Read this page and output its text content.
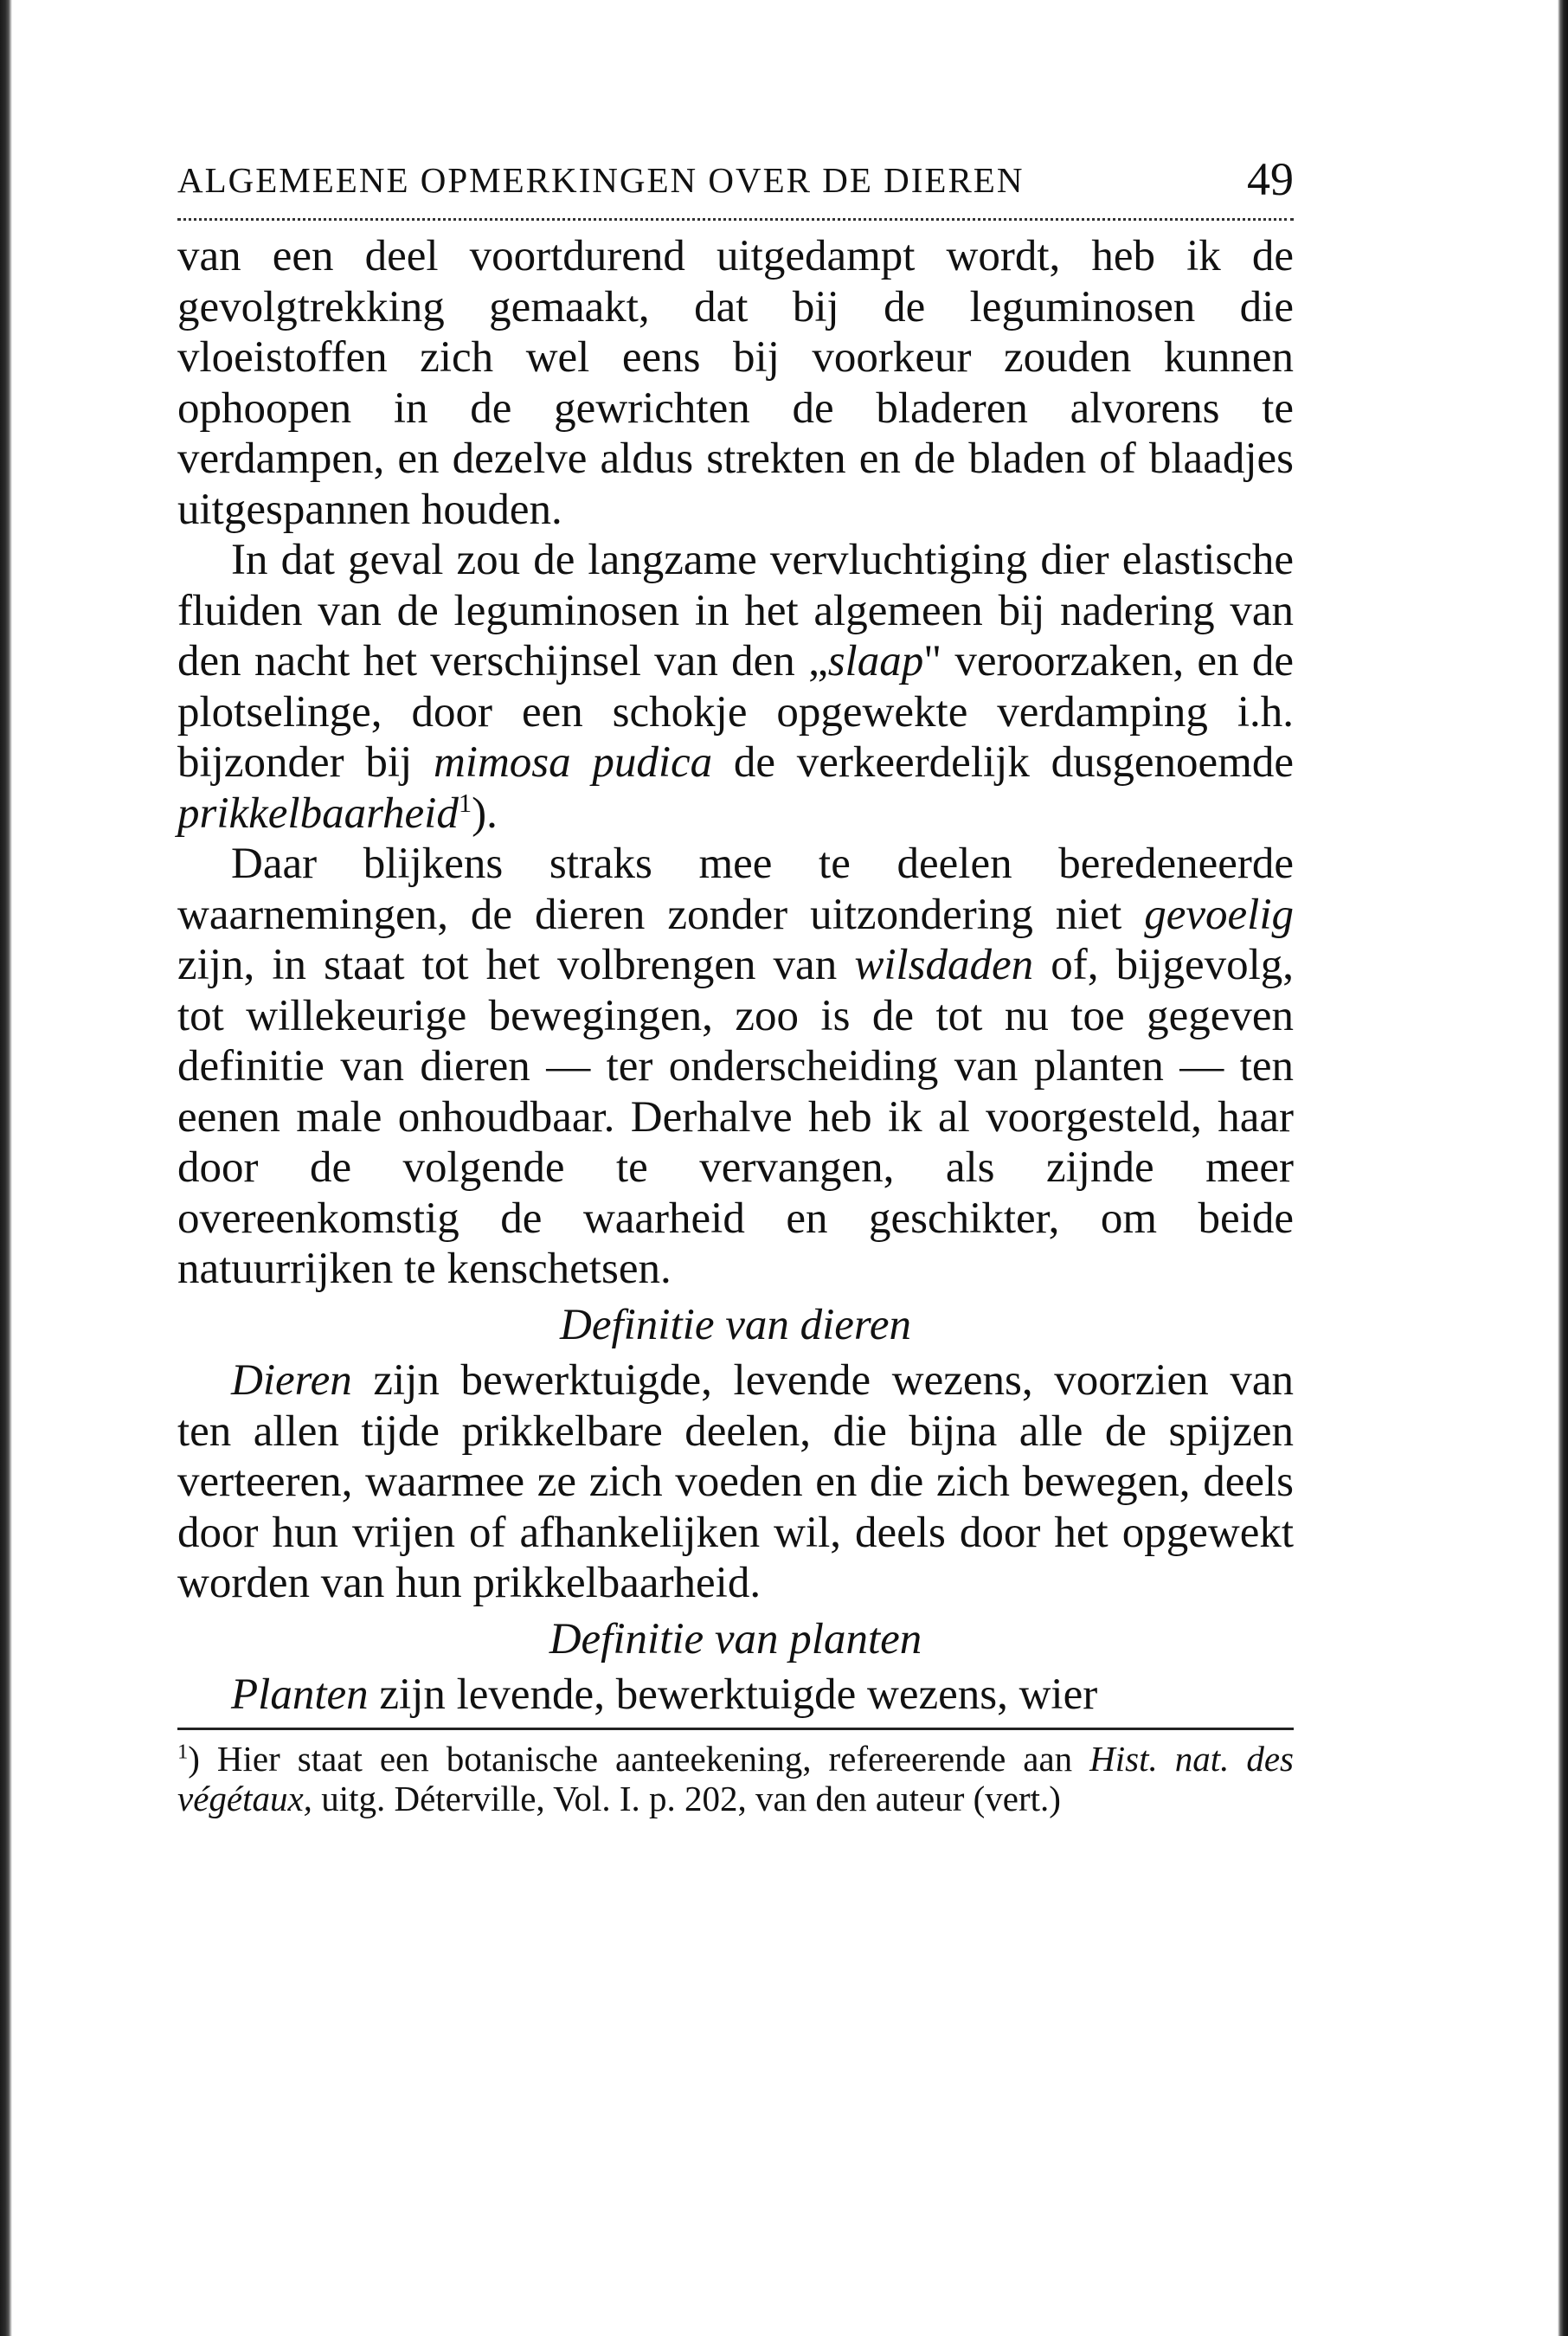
ALGEMEENE OPMERKINGEN OVER DE DIEREN	49

van een deel voortdurend uitgedampt wordt, heb ik de gevolgtrekking gemaakt, dat bij de leguminosen die vloeistoffen zich wel eens bij voorkeur zouden kunnen ophoopen in de gewrichten de bladeren alvorens te verdampen, en dezelve aldus strekten en de bladen of blaadjes uitgespannen houden.

In dat geval zou de langzame vervluchtiging dier elastische fluiden van de leguminosen in het algemeen bij nadering van den nacht het verschijnsel van den „slaap" veroorzaken, en de plotselinge, door een schokje opgewekte verdamping i.h. bijzonder bij mimosa pudica de verkeerdelijk dusgenoemde prikkelbaarheid$^1$).

Daar blijkens straks mee te deelen beredeneerde waarnemingen, de dieren zonder uitzondering niet gevoelig zijn, in staat tot het volbrengen van wilsdaden of, bijgevolg, tot willekeurige bewegingen, zoo is de tot nu toe gegeven definitie van dieren — ter onderscheiding van planten — ten eenen male onhoudbaar. Derhalve heb ik al voorgesteld, haar door de volgende te vervangen, als zijnde meer overeenkomstig de waarheid en geschikter, om beide natuurrijken te kenschetsen.

Definitie van dieren

Dieren zijn bewerktuigde, levende wezens, voorzien van ten allen tijde prikkelbare deelen, die bijna alle de spijzen verteeren, waarmee ze zich voeden en die zich bewegen, deels door hun vrijen of afhankelijken wil, deels door het opgewekt worden van hun prikkelbaarheid.

Definitie van planten

Planten zijn levende, bewerktuigde wezens, wier

$^1$) Hier staat een botanische aanteekening, refereerende aan Hist. nat. des végétaux, uitg. Déterville, Vol. I. p. 202, van den auteur (vert.)
